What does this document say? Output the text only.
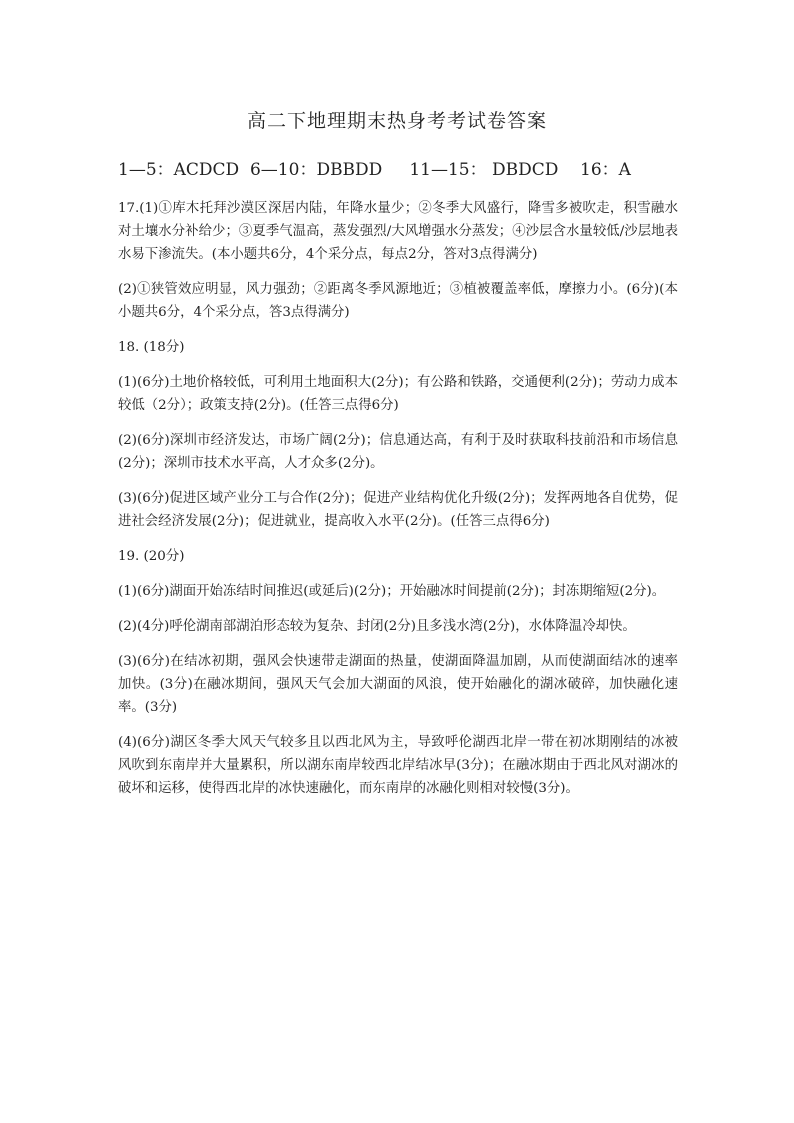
高二下地理期末热身考考试卷答案
1—5：ACDCD  6—10：DBBDD     11—15： DBDCD    16：A

17.(1)①库木托拜沙漠区深居内陆，年降水量少；②冬季大风盛行，降雪多被吹走，积雪融水对土壤水分补给少；③夏季气温高，蒸发强烈/大风增强水分蒸发；④沙层含水量较低/沙层地表水易下渗流失。(本小题共6分，4个采分点，每点2分，答对3点得满分)

(2)①狭管效应明显，风力强劲；②距离冬季风源地近；③植被覆盖率低，摩擦力小。(6分)(本小题共6分，4个采分点，答3点得满分)

18. (18分)

(1)(6分)土地价格较低，可利用土地面积大(2分)；有公路和铁路，交通便利(2分)；劳动力成本较低（2分）；政策支持(2分)。(任答三点得6分)

(2)(6分)深圳市经济发达，市场广阔(2分)；信息通达高，有利于及时获取科技前沿和市场信息(2分)；深圳市技术水平高，人才众多(2分)。

(3)(6分)促进区域产业分工与合作(2分)；促进产业结构优化升级(2分)；发挥两地各自优势，促进社会经济发展(2分)；促进就业，提高收入水平(2分)。(任答三点得6分)

19. (20分)

(1)(6分)湖面开始冻结时间推迟(或延后)(2分)；开始融冰时间提前(2分)；封冻期缩短(2分)。

(2)(4分)呼伦湖南部湖泊形态较为复杂、封闭(2分)且多浅水湾(2分)，水体降温冷却快。

(3)(6分)在结冰初期，强风会快速带走湖面的热量，使湖面降温加剧，从而使湖面结冰的速率加快。(3分)在融冰期间，强风天气会加大湖面的风浪，使开始融化的湖冰破碎，加快融化速率。(3分)

(4)(6分)湖区冬季大风天气较多且以西北风为主，导致呼伦湖西北岸一带在初冰期刚结的冰被风吹到东南岸并大量累积，所以湖东南岸较西北岸结冰早(3分)；在融冰期由于西北风对湖冰的破坏和运移，使得西北岸的冰快速融化，而东南岸的冰融化则相对较慢(3分)。
